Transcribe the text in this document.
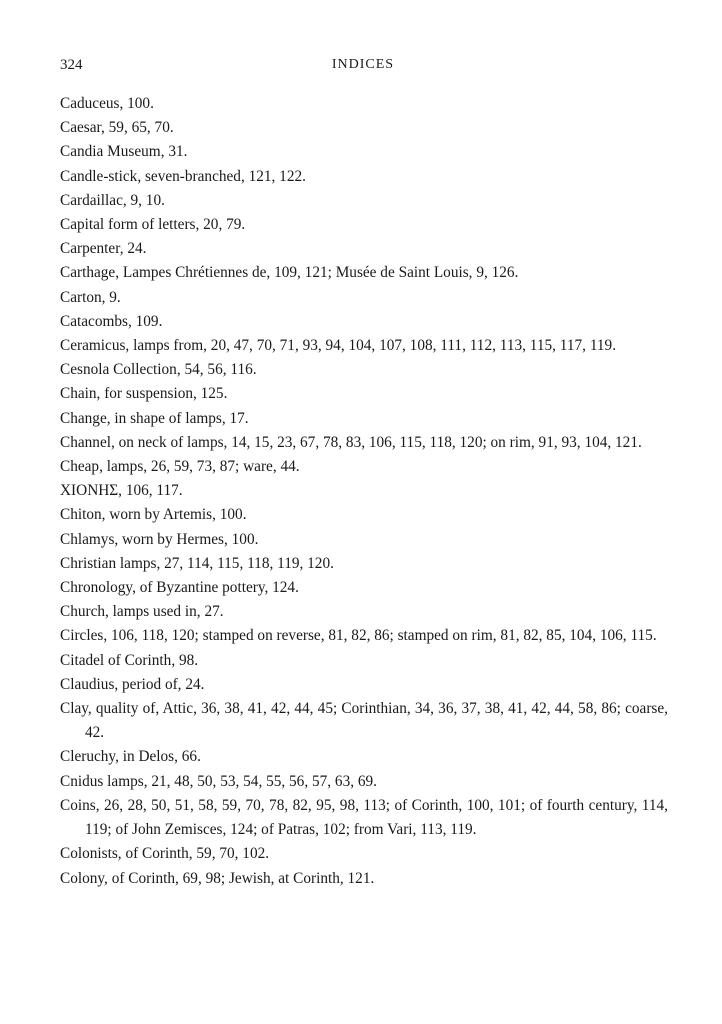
324	INDICES
Caduceus, 100.
Caesar, 59, 65, 70.
Candia Museum, 31.
Candle-stick, seven-branched, 121, 122.
Cardaillac, 9, 10.
Capital form of letters, 20, 79.
Carpenter, 24.
Carthage, Lampes Chrétiennes de, 109, 121; Musée de Saint Louis, 9, 126.
Carton, 9.
Catacombs, 109.
Ceramicus, lamps from, 20, 47, 70, 71, 93, 94, 104, 107, 108, 111, 112, 113, 115, 117, 119.
Cesnola Collection, 54, 56, 116.
Chain, for suspension, 125.
Change, in shape of lamps, 17.
Channel, on neck of lamps, 14, 15, 23, 67, 78, 83, 106, 115, 118, 120; on rim, 91, 93, 104, 121.
Cheap, lamps, 26, 59, 73, 87; ware, 44.
ΧΙΟΝΗΣ, 106, 117.
Chiton, worn by Artemis, 100.
Chlamys, worn by Hermes, 100.
Christian lamps, 27, 114, 115, 118, 119, 120.
Chronology, of Byzantine pottery, 124.
Church, lamps used in, 27.
Circles, 106, 118, 120; stamped on reverse, 81, 82, 86; stamped on rim, 81, 82, 85, 104, 106, 115.
Citadel of Corinth, 98.
Claudius, period of, 24.
Clay, quality of, Attic, 36, 38, 41, 42, 44, 45; Corinthian, 34, 36, 37, 38, 41, 42, 44, 58, 86; coarse, 42.
Cleruchy, in Delos, 66.
Cnidus lamps, 21, 48, 50, 53, 54, 55, 56, 57, 63, 69.
Coins, 26, 28, 50, 51, 58, 59, 70, 78, 82, 95, 98, 113; of Corinth, 100, 101; of fourth century, 114, 119; of John Zemisces, 124; of Patras, 102; from Vari, 113, 119.
Colonists, of Corinth, 59, 70, 102.
Colony, of Corinth, 69, 98; Jewish, at Corinth, 121.
